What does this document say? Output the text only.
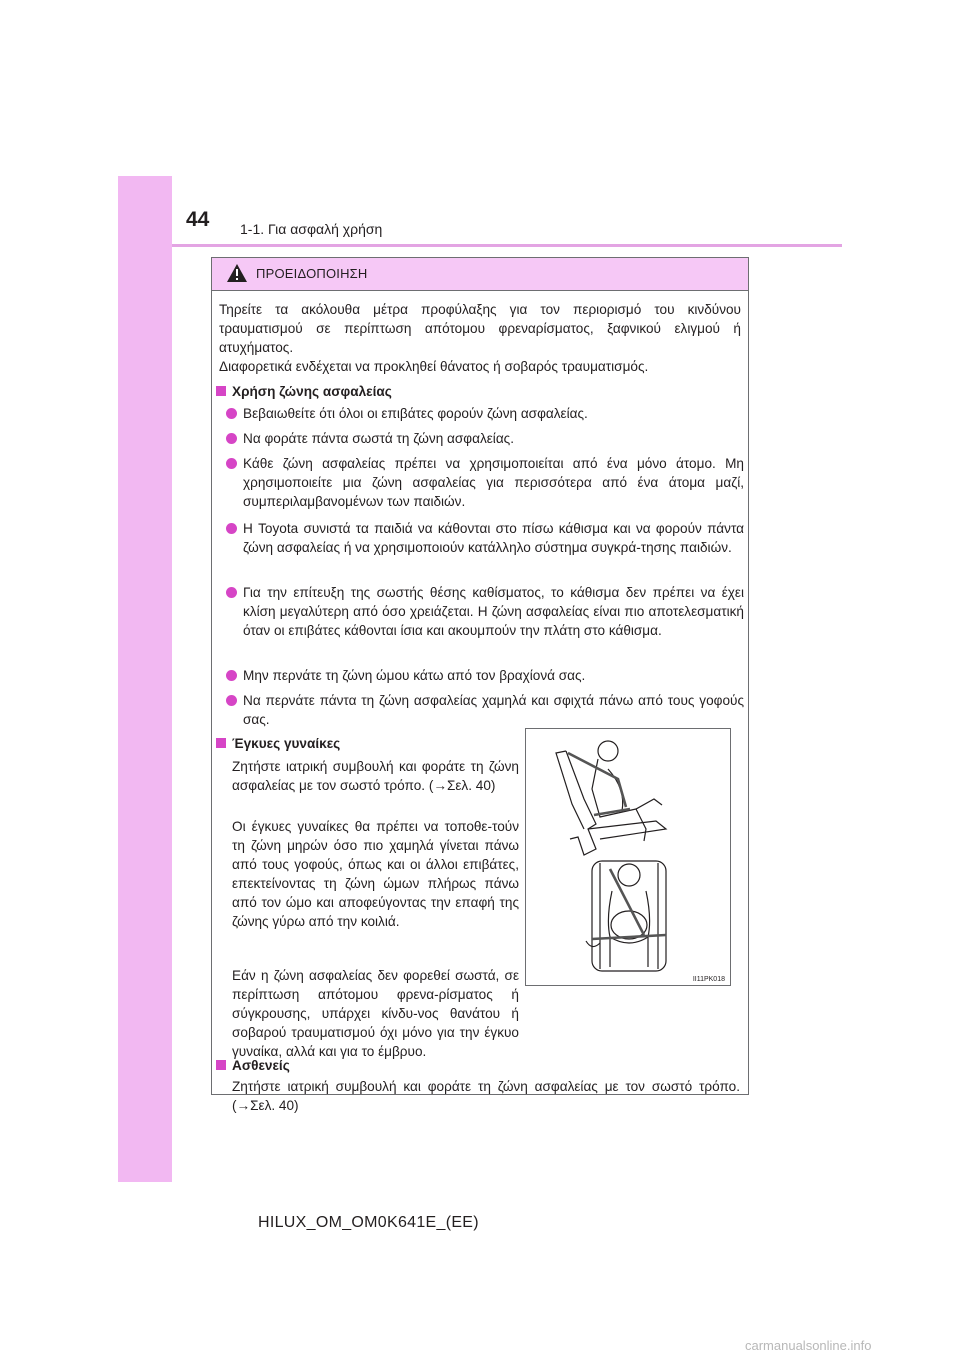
44 1-1. Για ασφαλή χρήση
ΠΡΟΕΙΔΟΠΟΙΗΣΗ
Τηρείτε τα ακόλουθα μέτρα προφύλαξης για τον περιορισμό του κινδύνου τραυματισμού σε περίπτωση απότομου φρεναρίσματος, ξαφνικού ελιγμού ή ατυχήματος.
Διαφορετικά ενδέχεται να προκληθεί θάνατος ή σοβαρός τραυματισμός.
Χρήση ζώνης ασφαλείας
Βεβαιωθείτε ότι όλοι οι επιβάτες φορούν ζώνη ασφαλείας.
Να φοράτε πάντα σωστά τη ζώνη ασφαλείας.
Κάθε ζώνη ασφαλείας πρέπει να χρησιμοποιείται από ένα μόνο άτομο. Μη χρησιμοποιείτε μια ζώνη ασφαλείας για περισσότερα από ένα άτομα μαζί, συμπεριλαμβανομένων των παιδιών.
Η Toyota συνιστά τα παιδιά να κάθονται στο πίσω κάθισμα και να φορούν πάντα ζώνη ασφαλείας ή να χρησιμοποιούν κατάλληλο σύστημα συγκρά-τησης παιδιών.
Για την επίτευξη της σωστής θέσης καθίσματος, το κάθισμα δεν πρέπει να έχει κλίση μεγαλύτερη από όσο χρειάζεται. Η ζώνη ασφαλείας είναι πιο αποτελεσματική όταν οι επιβάτες κάθονται ίσια και ακουμπούν την πλάτη στο κάθισμα.
Μην περνάτε τη ζώνη ώμου κάτω από τον βραχίονά σας.
Να περνάτε πάντα τη ζώνη ασφαλείας χαμηλά και σφιχτά πάνω από τους γοφούς σας.
Έγκυες γυναίκες
Ζητήστε ιατρική συμβουλή και φοράτε τη ζώνη ασφαλείας με τον σωστό τρόπο. (→Σελ. 40)
Οι έγκυες γυναίκες θα πρέπει να τοποθε-τούν τη ζώνη μηρών όσο πιο χαμηλά γίνεται πάνω από τους γοφούς, όπως και οι άλλοι επιβάτες, επεκτείνοντας τη ζώνη ώμων πλήρως πάνω από τον ώμο και αποφεύγοντας την επαφή της ζώνης γύρω από την κοιλιά.
Εάν η ζώνη ασφαλείας δεν φορεθεί σωστά, σε περίπτωση απότομου φρενα-ρίσματος ή σύγκρουσης, υπάρχει κίνδυ-νος θανάτου ή σοβαρού τραυματισμού όχι μόνο για την έγκυο γυναίκα, αλλά και για το έμβρυο.
Ασθενείς
Ζητήστε ιατρική συμβουλή και φοράτε τη ζώνη ασφαλείας με τον σωστό τρόπο. (→Σελ. 40)
II11PK018
HILUX_OM_OM0K641E_(EE)
carmanualsonline.info
